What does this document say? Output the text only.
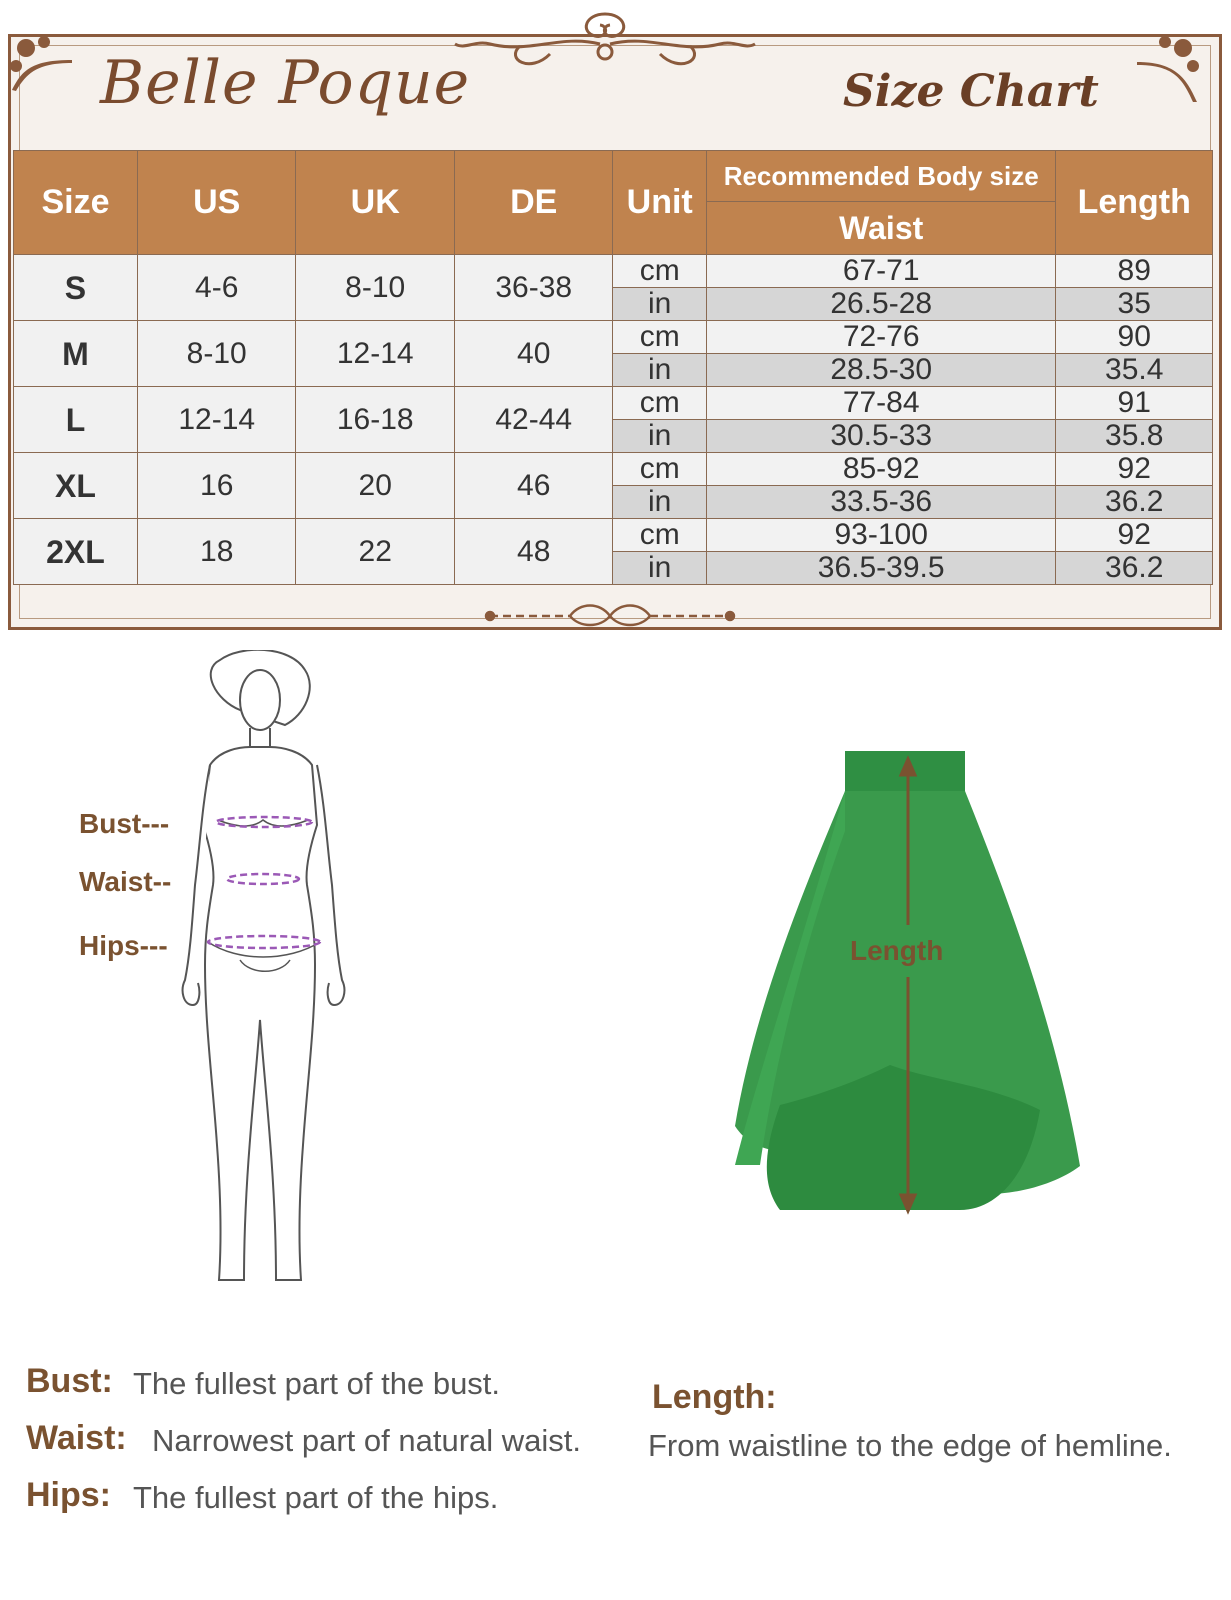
Belle Poque	Size Chart
Size	US	UK	DE	Unit	Recommended Body size	Length
					Waist	
S	4-6	8-10	36-38	cm	67-71	89
				in	26.5-28	35
M	8-10	12-14	40	cm	72-76	90
				in	28.5-30	35.4
L	12-14	16-18	42-44	cm	77-84	91
				in	30.5-33	35.8
XL	16	20	46	cm	85-92	92
				in	33.5-36	36.2
2XL	18	22	48	cm	93-100	92
				in	36.5-39.5	36.2
Bust---
Waist--
Hips---	Length
Bust: The fullest part of the bust.
Waist: Narrowest part of natural waist.
Hips: The fullest part of the hips.
Length:
From waistline to the edge of hemline.
